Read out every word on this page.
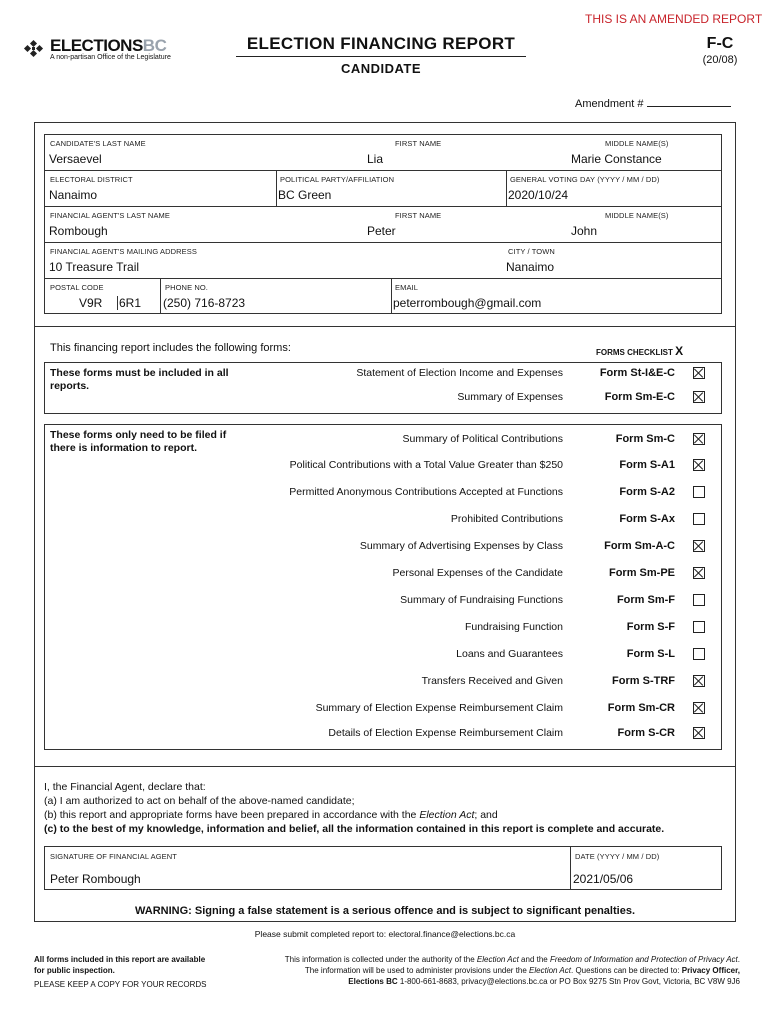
THIS IS AN AMENDED REPORT
ELECTIONSBC
A non-partisan Office of the Legislature
ELECTION FINANCING REPORT
CANDIDATE
F-C
(20/08)
Amendment #
CANDIDATE'S LAST NAME
Versaevel
FIRST NAME
Lia
MIDDLE NAME(S)
Marie Constance
ELECTORAL DISTRICT
Nanaimo
POLITICAL PARTY/AFFILIATION
BC Green
GENERAL VOTING DAY (YYYY / MM / DD)
2020/10/24
FINANCIAL AGENT'S LAST NAME
Rombough
FIRST NAME
Peter
MIDDLE NAME(S)
John
FINANCIAL AGENT'S MAILING ADDRESS
10 Treasure Trail
CITY / TOWN
Nanaimo
POSTAL CODE
V9R 6R1
PHONE NO.
(250) 716-8723
EMAIL
peterrombough@gmail.com
This financing report includes the following forms:	FORMS CHECKLIST X
These forms must be included in all reports.
Statement of Election Income and Expenses	Form St-I&E-C
Summary of Expenses	Form Sm-E-C
These forms only need to be filed if there is information to report.
Summary of Political Contributions	Form Sm-C
Political Contributions with a Total Value Greater than $250	Form S-A1
Permitted Anonymous Contributions Accepted at Functions	Form S-A2
Prohibited Contributions	Form S-Ax
Summary of Advertising Expenses by Class	Form Sm-A-C
Personal Expenses of the Candidate	Form Sm-PE
Summary of Fundraising Functions	Form Sm-F
Fundraising Function	Form S-F
Loans and Guarantees	Form S-L
Transfers Received and Given	Form S-TRF
Summary of Election Expense Reimbursement Claim	Form Sm-CR
Details of Election Expense Reimbursement Claim	Form S-CR
I, the Financial Agent, declare that:
(a) I am authorized to act on behalf of the above-named candidate;
(b) this report and appropriate forms have been prepared in accordance with the Election Act; and
(c) to the best of my knowledge, information and belief, all the information contained in this report is complete and accurate.
SIGNATURE OF FINANCIAL AGENT
Peter Rombough
DATE (YYYY / MM / DD)
2021/05/06
WARNING: Signing a false statement is a serious offence and is subject to significant penalties.
Please submit completed report to: electoral.finance@elections.bc.ca
All forms included in this report are available
for public inspection.
PLEASE KEEP A COPY FOR YOUR RECORDS
This information is collected under the authority of the Election Act and the Freedom of Information and Protection of Privacy Act.
The information will be used to administer provisions under the Election Act. Questions can be directed to: Privacy Officer,
Elections BC 1-800-661-8683, privacy@elections.bc.ca or PO Box 9275 Stn Prov Govt, Victoria, BC V8W 9J6
